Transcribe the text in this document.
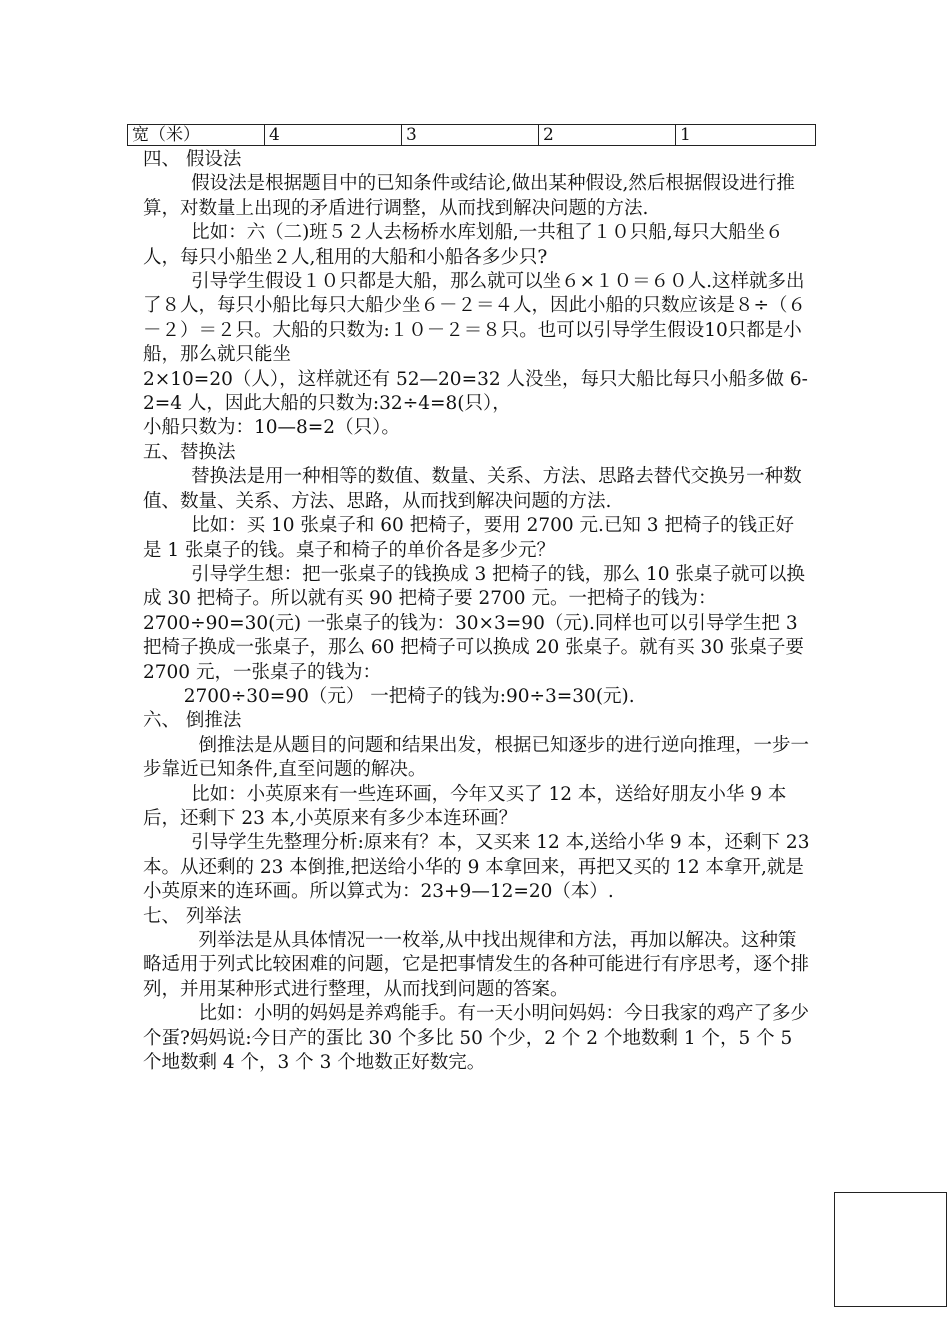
宽（米）	4	3	2	1

四、 假设法

假设法是根据题目中的已知条件或结论,做出某种假设,然后根据假设进行推算，对数量上出现的矛盾进行调整，从而找到解决问题的方法.

比如：六（二)班５２人去杨桥水库划船,一共租了１０只船,每只大船坐６人，每只小船坐２人,租用的大船和小船各多少只?

引导学生假设１０只都是大船，那么就可以坐６×１０＝６０人.这样就多出了８人，每只小船比每只大船少坐６－２＝４人，因此小船的只数应该是８÷（６－２）＝２只。大船的只数为:１０－２＝８只。也可以引导学生假设10只都是小船，那么就只能坐

2×10=20（人），这样就还有 52—20=32 人没坐，每只大船比每只小船多做 6-2=4 人，因此大船的只数为:32÷4=8(只），

小船只数为：10—8=2（只）。

五、替换法

替换法是用一种相等的数值、数量、关系、方法、思路去替代交换另一种数值、数量、关系、方法、思路，从而找到解决问题的方法.

比如：买 10 张桌子和 60 把椅子，要用 2700 元.已知 3 把椅子的钱正好是 1 张桌子的钱。桌子和椅子的单价各是多少元？

引导学生想：把一张桌子的钱换成 3 把椅子的钱，那么 10 张桌子就可以换成 30 把椅子。所以就有买 90 把椅子要 2700 元。一把椅子的钱为：2700÷90=30(元) 一张桌子的钱为：30×3=90（元).同样也可以引导学生把 3 把椅子换成一张桌子，那么 60 把椅子可以换成 20 张桌子。就有买 30 张桌子要 2700 元，一张桌子的钱为：

2700÷30=90（元） 一把椅子的钱为:90÷3=30(元).

六、 倒推法

倒推法是从题目的问题和结果出发，根据已知逐步的进行逆向推理，一步一步靠近已知条件,直至问题的解决。

比如：小英原来有一些连环画，今年又买了 12 本，送给好朋友小华 9 本后，还剩下 23 本,小英原来有多少本连环画？

引导学生先整理分析:原来有？本，又买来 12 本,送给小华 9 本，还剩下 23 本。从还剩的 23 本倒推,把送给小华的 9 本拿回来，再把又买的 12 本拿开,就是小英原来的连环画。所以算式为：23+9—12=20（本）.

七、 列举法

列举法是从具体情况一一枚举,从中找出规律和方法，再加以解决。这种策略适用于列式比较困难的问题，它是把事情发生的各种可能进行有序思考，逐个排列，并用某种形式进行整理，从而找到问题的答案。

比如：小明的妈妈是养鸡能手。有一天小明问妈妈：今日我家的鸡产了多少个蛋?妈妈说:今日产的蛋比 30 个多比 50 个少，2 个 2 个地数剩 1 个，5 个 5 个地数剩 4 个，3 个 3 个地数正好数完。
